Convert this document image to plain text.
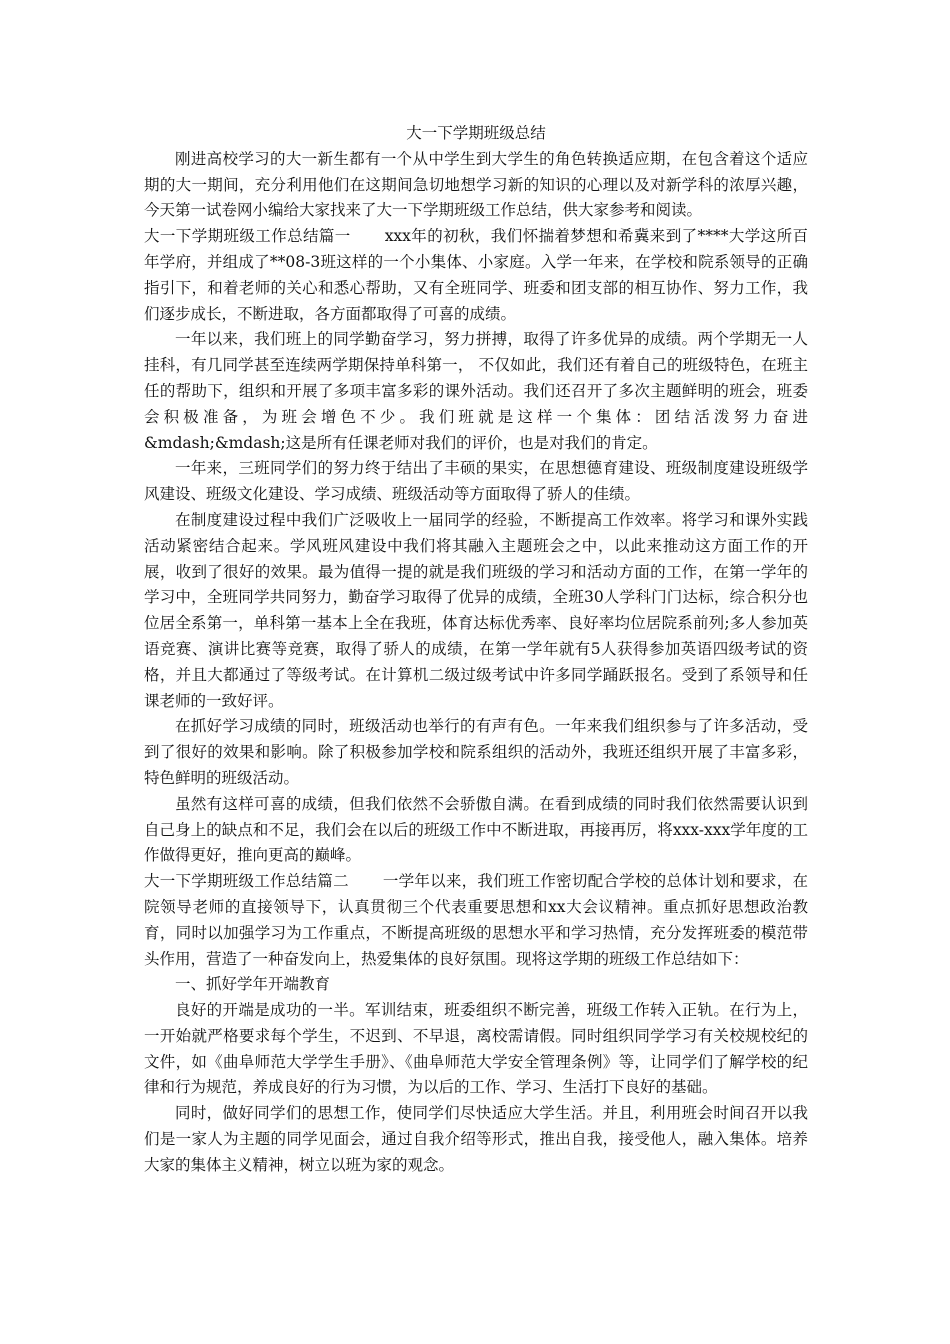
大一下学期班级总结

刚进高校学习的大一新生都有一个从中学生到大学生的角色转换适应期，在包含着这个适应期的大一期间，充分利用他们在这期间急切地想学习新的知识的心理以及对新学科的浓厚兴趣，今天第一试卷网小编给大家找来了大一下学期班级工作总结，供大家参考和阅读。

大一下学期班级工作总结篇一 xxx年的初秋，我们怀揣着梦想和希冀来到了****大学这所百年学府，并组成了**08-3班这样的一个小集体、小家庭。入学一年来，在学校和院系领导的正确指引下，和着老师的关心和悉心帮助，又有全班同学、班委和团支部的相互协作、努力工作，我们逐步成长，不断进取，各方面都取得了可喜的成绩。

一年以来，我们班上的同学勤奋学习，努力拼搏，取得了许多优异的成绩。两个学期无一人挂科，有几同学甚至连续两学期保持单科第一， 不仅如此，我们还有着自己的班级特色，在班主任的帮助下，组织和开展了多项丰富多彩的课外活动。我们还召开了多次主题鲜明的班会，班委会积极准备，为班会增色不少。我们班就是这样一个集体：团结活泼努力奋进&mdash;&mdash;这是所有任课老师对我们的评价，也是对我们的肯定。

一年来，三班同学们的努力终于结出了丰硕的果实，在思想德育建设、班级制度建设班级学风建设、班级文化建设、学习成绩、班级活动等方面取得了骄人的佳绩。

在制度建设过程中我们广泛吸收上一届同学的经验，不断提高工作效率。将学习和课外实践活动紧密结合起来。学风班风建设中我们将其融入主题班会之中，以此来推动这方面工作的开展，收到了很好的效果。最为值得一提的就是我们班级的学习和活动方面的工作，在第一学年的学习中，全班同学共同努力，勤奋学习取得了优异的成绩，全班30人学科门门达标，综合积分也位居全系第一，单科第一基本上全在我班，体育达标优秀率、良好率均位居院系前列;多人参加英语竞赛、演讲比赛等竞赛，取得了骄人的成绩，在第一学年就有5人获得参加英语四级考试的资格，并且大都通过了等级考试。在计算机二级过级考试中许多同学踊跃报名。受到了系领导和任课老师的一致好评。

在抓好学习成绩的同时，班级活动也举行的有声有色。一年来我们组织参与了许多活动，受到了很好的效果和影响。除了积极参加学校和院系组织的活动外，我班还组织开展了丰富多彩，特色鲜明的班级活动。

虽然有这样可喜的成绩，但我们依然不会骄傲自满。在看到成绩的同时我们依然需要认识到自己身上的缺点和不足，我们会在以后的班级工作中不断进取，再接再厉，将xxx-xxx学年度的工作做得更好，推向更高的巅峰。

大一下学期班级工作总结篇二 一学年以来，我们班工作密切配合学校的总体计划和要求，在院领导老师的直接领导下，认真贯彻三个代表重要思想和xx大会议精神。重点抓好思想政治教育，同时以加强学习为工作重点，不断提高班级的思想水平和学习热情，充分发挥班委的模范带头作用，营造了一种奋发向上，热爱集体的良好氛围。现将这学期的班级工作总结如下：

一、抓好学年开端教育

良好的开端是成功的一半。军训结束，班委组织不断完善，班级工作转入正轨。在行为上，一开始就严格要求每个学生，不迟到、不早退，离校需请假。同时组织同学学习有关校规校纪的文件，如《曲阜师范大学学生手册》、《曲阜师范大学安全管理条例》等，让同学们了解学校的纪律和行为规范，养成良好的行为习惯，为以后的工作、学习、生活打下良好的基础。

同时，做好同学们的思想工作，使同学们尽快适应大学生活。并且，利用班会时间召开以我们是一家人为主题的同学见面会，通过自我介绍等形式，推出自我，接受他人，融入集体。培养大家的集体主义精神，树立以班为家的观念。
